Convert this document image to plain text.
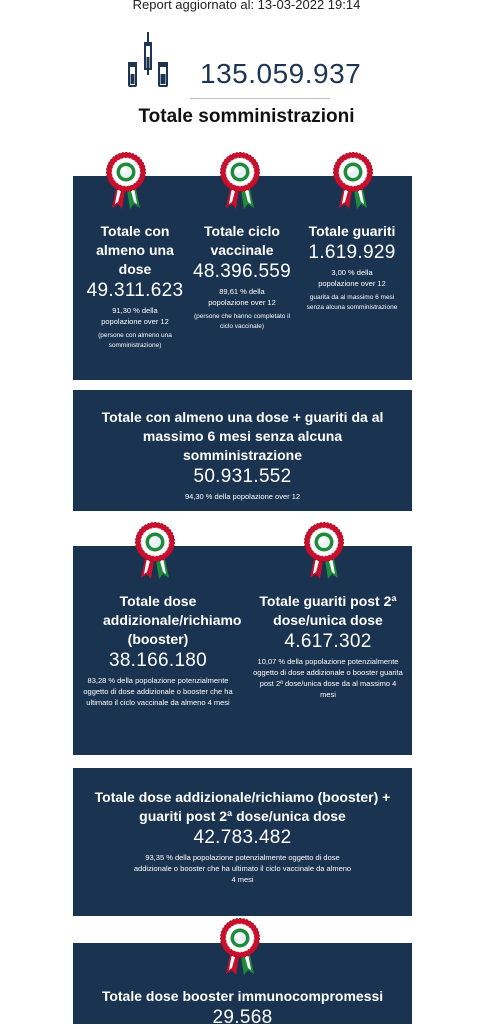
Report aggiornato al: 13-03-2022 19:14
135.059.937
Totale somministrazioni
Totale con almeno una dose
49.311.623
91,30 % della popolazione over 12
(persone con almeno una somministrazione)
Totale ciclo vaccinale
48.396.559
89,61 % della popolazione over 12
(persone che hanno completato il ciclo vaccinale)
Totale guariti
1.619.929
3,00 % della popolazione over 12
guarita da al massimo 6 mesi senza alcuna somministrazione
Totale con almeno una dose + guariti da al massimo 6 mesi senza alcuna somministrazione
50.931.552
94,30 % della popolazione over 12
Totale dose addizionale/richiamo (booster)
38.166.180
83,28 % della popolazione potenzialmente oggetto di dose addizionale o booster che ha ultimato il ciclo vaccinale da almeno 4 mesi
Totale guariti post 2ª dose/unica dose
4.617.302
10,07 % della popolazione potenzialmente oggetto di dose addizionale o booster guarita post 2ª dose/unica dose da al massimo 4 mesi
Totale dose addizionale/richiamo (booster) + guariti post 2ª dose/unica dose
42.783.482
93,35 % della popolazione potenzialmente oggetto di dose addizionale o booster che ha ultimato il ciclo vaccinale da almeno 4 mesi
Totale dose booster immunocompromessi
29.568
